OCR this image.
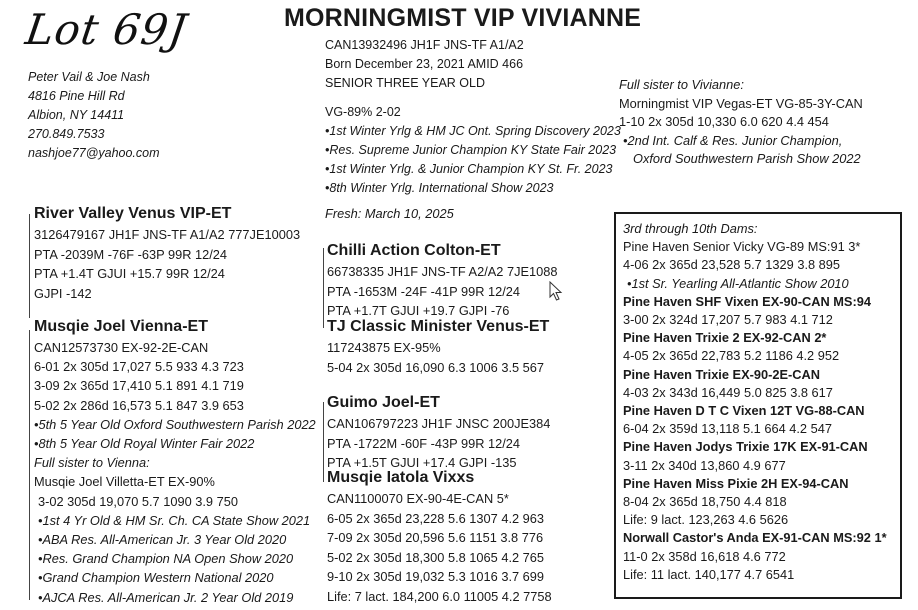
Lot 69J	MORNINGMIST VIP VIVIANNE
Peter Vail & Joe Nash
4816 Pine Hill Rd
Albion, NY 14411
270.849.7533
nashjoe77@yahoo.com
CAN13932496 JH1F JNS-TF A1/A2
Born December 23, 2021 AMID 466
SENIOR THREE YEAR OLD
VG-89% 2-02
•1st Winter Yrlg & HM JC Ont. Spring Discovery 2023
•Res. Supreme Junior Champion KY State Fair 2023
•1st Winter Yrlg. & Junior Champion KY St. Fr. 2023
•8th Winter Yrlg. International Show 2023
Full sister to Vivianne:
Morningmist VIP Vegas-ET VG-85-3Y-CAN
1-10 2x 305d 10,330 6.0 620 4.4 454
•2nd Int. Calf & Res. Junior Champion,
Oxford Southwestern Parish Show 2022
River Valley Venus VIP-ET
3126479167 JH1F JNS-TF A1/A2 777JE10003
PTA -2039M -76F -63P 99R 12/24
PTA +1.4T GJUI +15.7 99R 12/24
GJPI -142
Musqie Joel Vienna-ET
CAN12573730 EX-92-2E-CAN
6-01 2x 305d 17,027 5.5 933 4.3 723
3-09 2x 365d 17,410 5.1 891 4.1 719
5-02 2x 286d 16,573 5.1 847 3.9 653
•5th 5 Year Old Oxford Southwestern Parish 2022
•8th 5 Year Old Royal Winter Fair 2022
Full sister to Vienna:
Musqie Joel Villetta-ET EX-90%
3-02 305d 19,070 5.7 1090 3.9 750
•1st 4 Yr Old & HM Sr. Ch. CA State Show 2021
•ABA Res. All-American Jr. 3 Year Old 2020
•Res. Grand Champion NA Open Show 2020
•Grand Champion Western National 2020
•AJCA Res. All-American Jr. 2 Year Old 2019
Fresh: March 10, 2025
Chilli Action Colton-ET
66738335 JH1F JNS-TF A2/A2 7JE1088
PTA -1653M -24F -41P 99R 12/24
PTA +1.7T GJUI +19.7 GJPI -76
TJ Classic Minister Venus-ET
117243875 EX-95%
5-04 2x 305d 16,090 6.3 1006 3.5 567
Guimo Joel-ET
CAN106797223 JH1F JNSC 200JE384
PTA -1722M -60F -43P 99R 12/24
PTA +1.5T GJUI +17.4 GJPI -135
Musqie Iatola Vixxs
CAN1100070 EX-90-4E-CAN 5*
6-05 2x 365d 23,228 5.6 1307 4.2 963
7-09 2x 305d 20,596 5.6 1151 3.8 776
5-02 2x 305d 18,300 5.8 1065 4.2 765
9-10 2x 305d 19,032 5.3 1016 3.7 699
Life: 7 lact. 184,200 6.0 11005 4.2 7758
3rd through 10th Dams:
Pine Haven Senior Vicky VG-89 MS:91 3*
4-06 2x 365d 23,528 5.7 1329 3.8 895
•1st Sr. Yearling All-Atlantic Show 2010
Pine Haven SHF Vixen EX-90-CAN MS:94
3-00 2x 324d 17,207 5.7 983 4.1 712
Pine Haven Trixie 2 EX-92-CAN 2*
4-05 2x 365d 22,783 5.2 1186 4.2 952
Pine Haven Trixie EX-90-2E-CAN
4-03 2x 343d 16,449 5.0 825 3.8 617
Pine Haven D T C Vixen 12T VG-88-CAN
6-04 2x 359d 13,118 5.1 664 4.2 547
Pine Haven Jodys Trixie 17K EX-91-CAN
3-11 2x 340d 13,860 4.9 677
Pine Haven Miss Pixie 2H EX-94-CAN
8-04 2x 365d 18,750 4.4 818
Life: 9 lact. 123,263 4.6 5626
Norwall Castor's Anda EX-91-CAN MS:92 1*
11-0 2x 358d 16,618 4.6 772
Life: 11 lact. 140,177 4.7 6541
